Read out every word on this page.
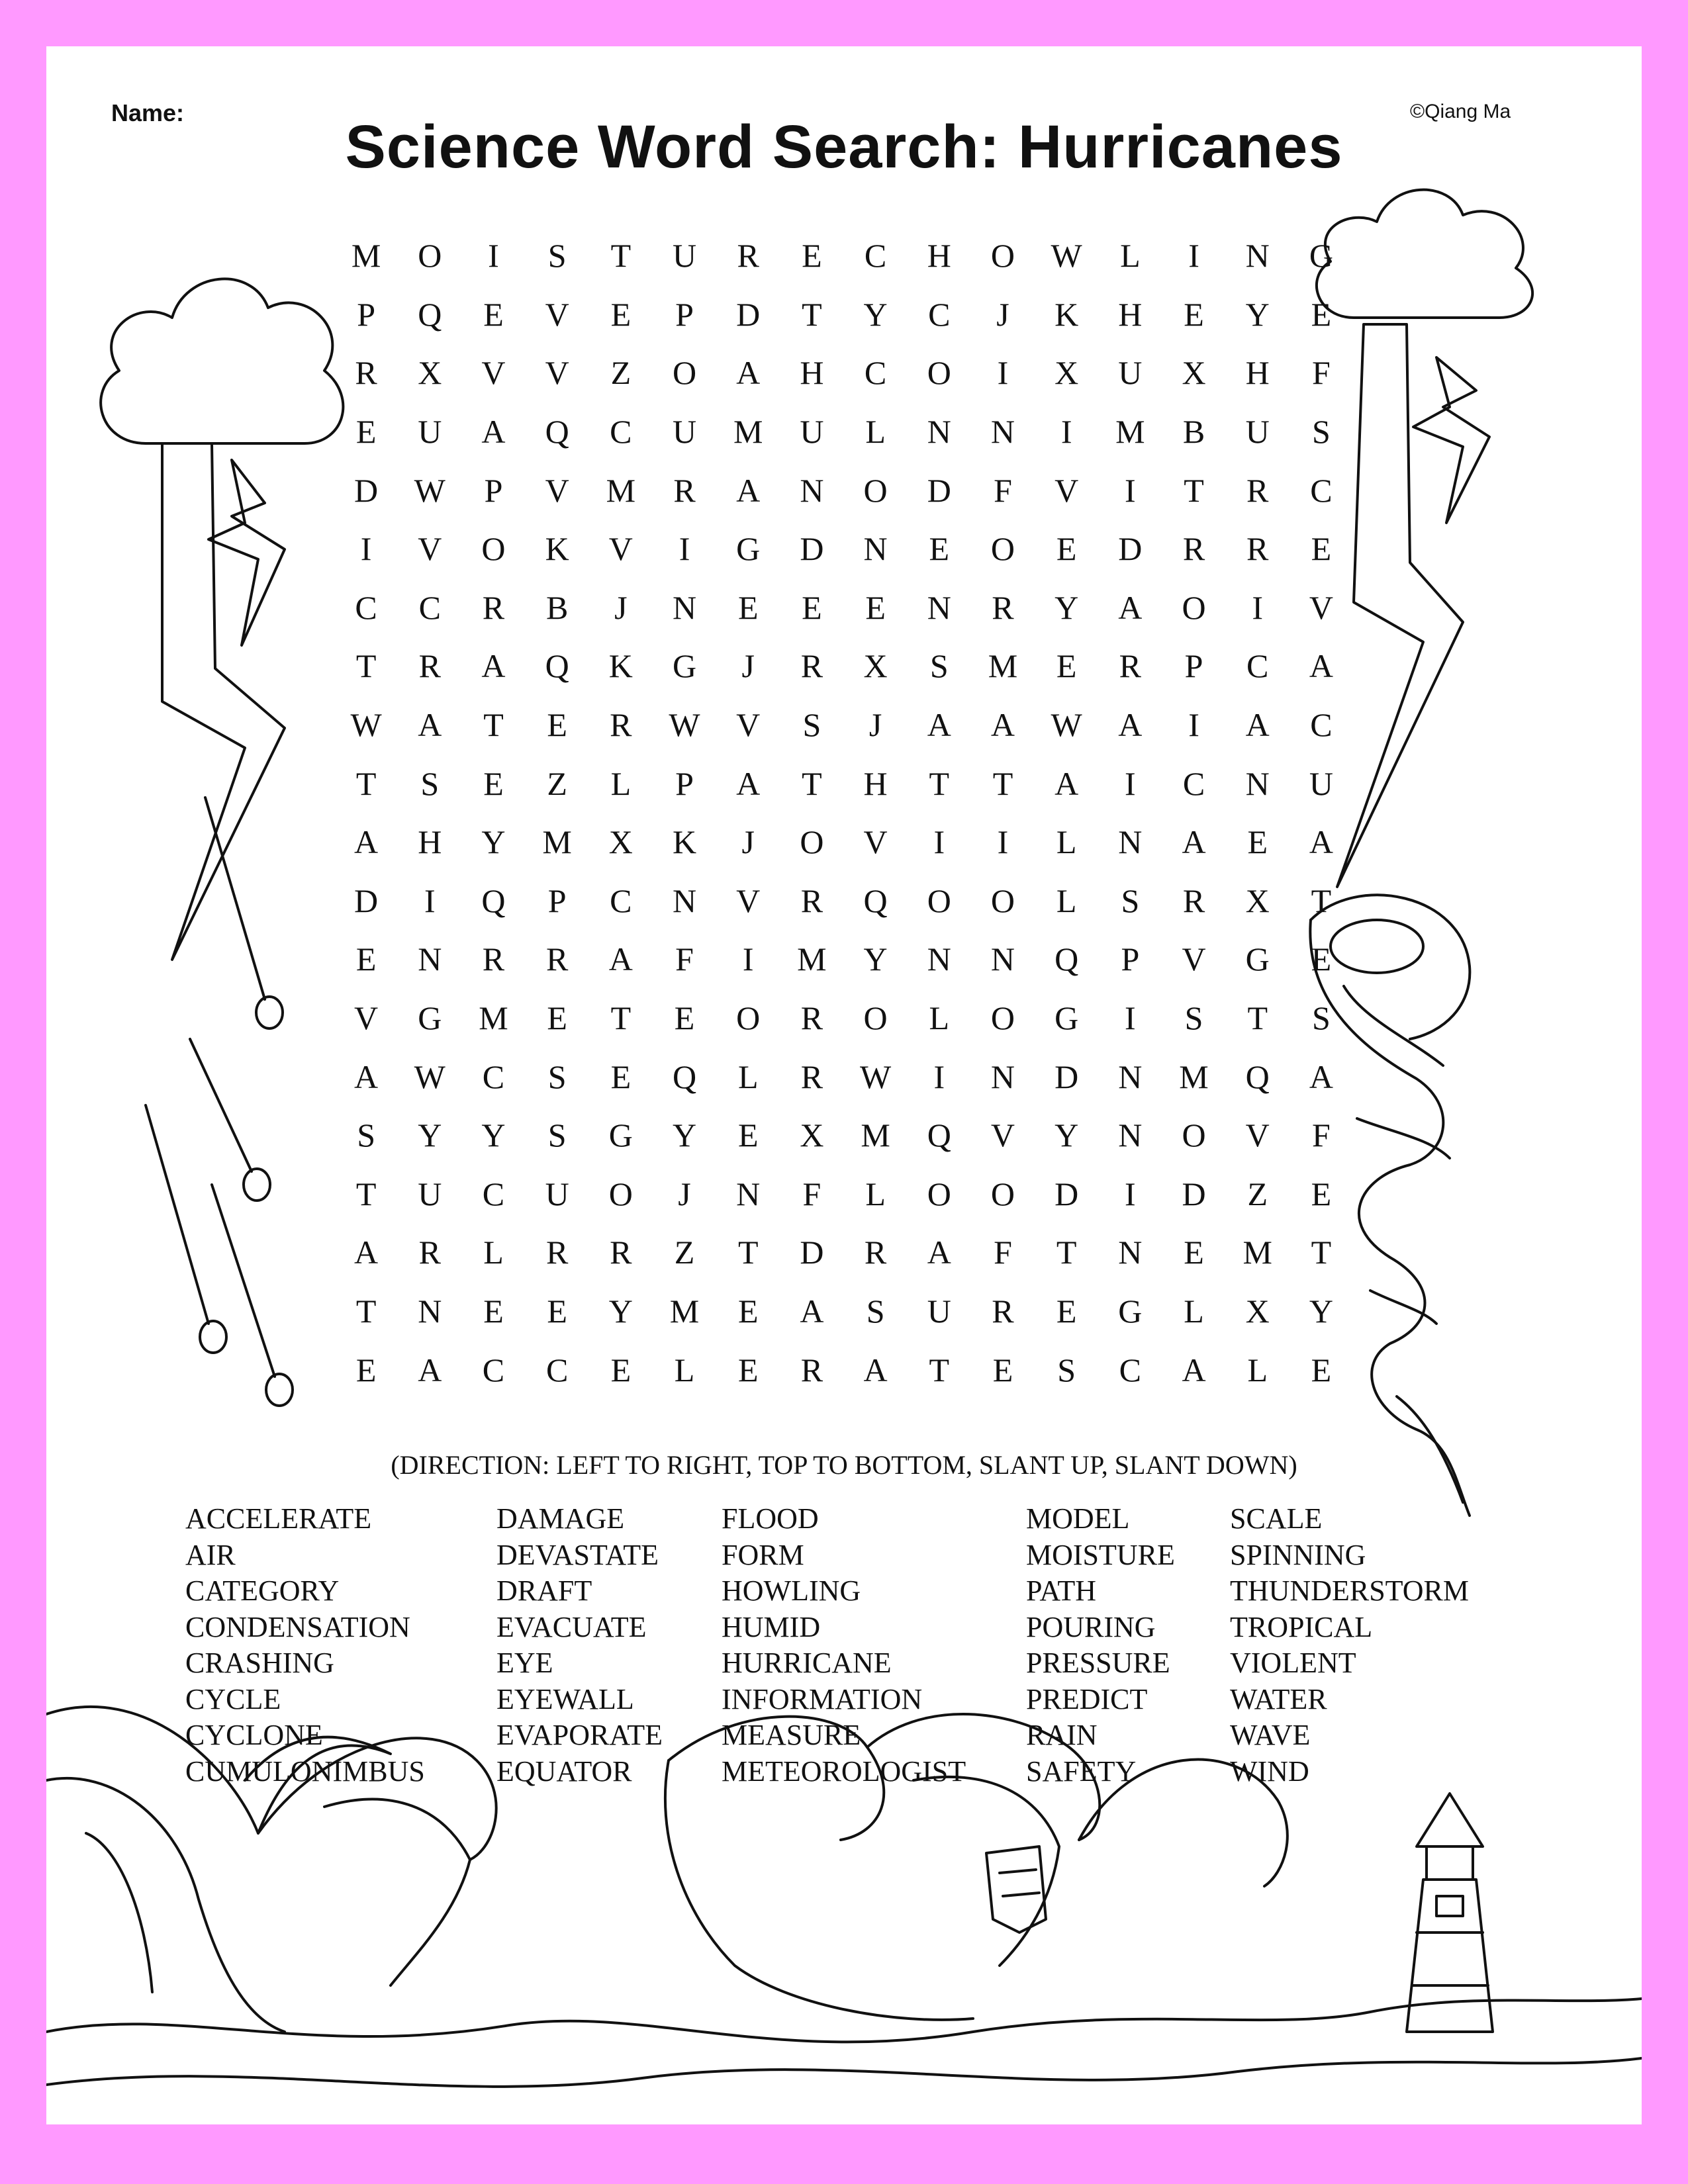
Name:	©Qiang Ma
Science Word Search: Hurricanes
M	O	I	S	T	U	R	E	C	H	O	W	L	I	N	G
P	Q	E	V	E	P	D	T	Y	C	J	K	H	E	Y	E
R	X	V	V	Z	O	A	H	C	O	I	X	U	X	H	F
E	U	A	Q	C	U	M	U	L	N	N	I	M	B	U	S
D	W	P	V	M	R	A	N	O	D	F	V	I	T	R	C
I	V	O	K	V	I	G	D	N	E	O	E	D	R	R	E
C	C	R	B	J	N	E	E	E	N	R	Y	A	O	I	V
T	R	A	Q	K	G	J	R	X	S	M	E	R	P	C	A
W	A	T	E	R	W	V	S	J	A	A	W	A	I	A	C
T	S	E	Z	L	P	A	T	H	T	T	A	I	C	N	U
A	H	Y	M	X	K	J	O	V	I	I	L	N	A	E	A
D	I	Q	P	C	N	V	R	Q	O	O	L	S	R	X	T
E	N	R	R	A	F	I	M	Y	N	N	Q	P	V	G	E
V	G	M	E	T	E	O	R	O	L	O	G	I	S	T	S
A	W	C	S	E	Q	L	R	W	I	N	D	N	M	Q	A
S	Y	Y	S	G	Y	E	X	M	Q	V	Y	N	O	V	F
T	U	C	U	O	J	N	F	L	O	O	D	I	D	Z	E
A	R	L	R	R	Z	T	D	R	A	F	T	N	E	M	T
T	N	E	E	Y	M	E	A	S	U	R	E	G	L	X	Y
E	A	C	C	E	L	E	R	A	T	E	S	C	A	L	E
(DIRECTION: LEFT TO RIGHT, TOP TO BOTTOM, SLANT UP, SLANT DOWN)
ACCELERATE
AIR
CATEGORY
CONDENSATION
CRASHING
CYCLE
CYCLONE
CUMULONIMBUS
DAMAGE
DEVASTATE
DRAFT
EVACUATE
EYE
EYEWALL
EVAPORATE
EQUATOR
FLOOD
FORM
HOWLING
HUMID
HURRICANE
INFORMATION
MEASURE
METEOROLOGIST
MODEL
MOISTURE
PATH
POURING
PRESSURE
PREDICT
RAIN
SAFETY
SCALE
SPINNING
THUNDERSTORM
TROPICAL
VIOLENT
WATER
WAVE
WIND
